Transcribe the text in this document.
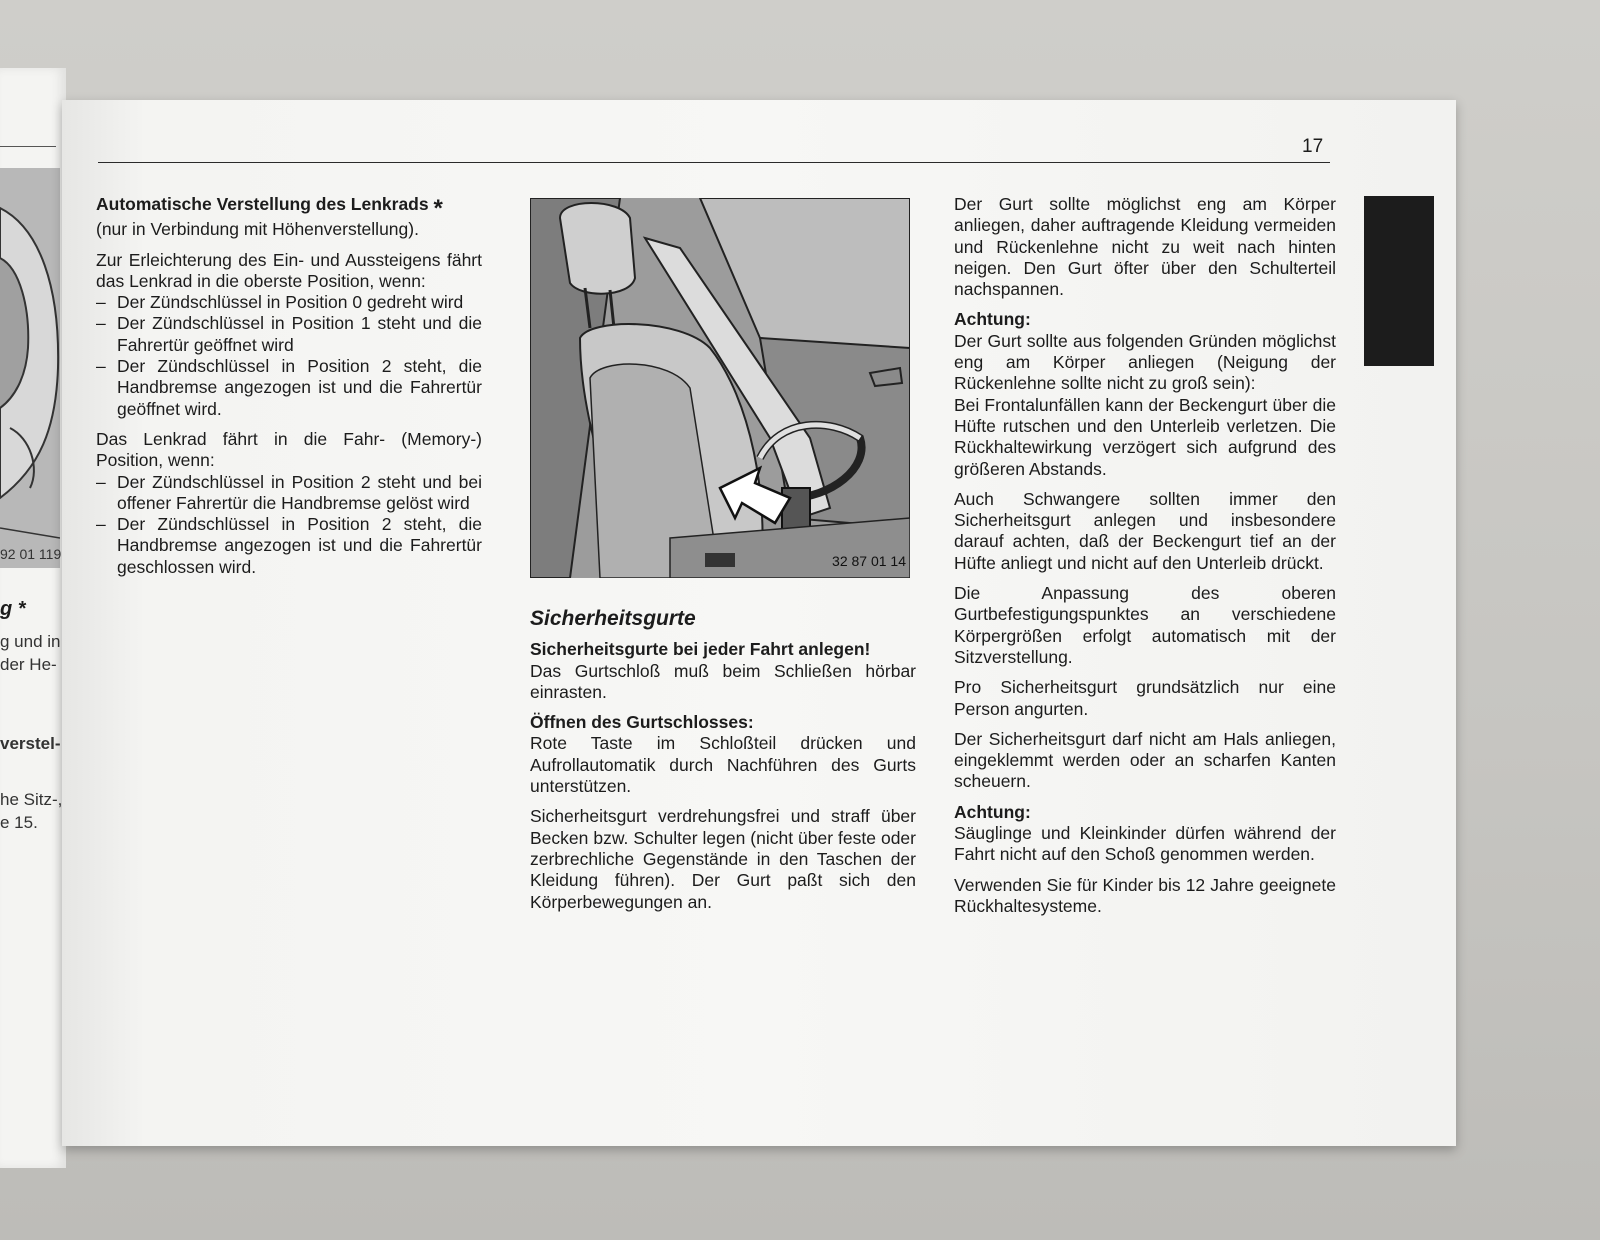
92 01 119
g *
g und in
der He-
verstel-
he Sitz-,
e 15.
17
Automatische Verstellung des Lenkrads *

(nur in Verbindung mit Höhenverstellung).

Zur Erleichterung des Ein- und Aussteigens fährt das Lenkrad in die oberste Position, wenn:

– Der Zündschlüssel in Position 0 gedreht wird
– Der Zündschlüssel in Position 1 steht und die Fahrertür geöffnet wird
– Der Zündschlüssel in Position 2 steht, die Handbremse angezogen ist und die Fahrertür geöffnet wird.

Das Lenkrad fährt in die Fahr- (Memory-) Position, wenn:

– Der Zündschlüssel in Position 2 steht und bei offener Fahrertür die Handbremse gelöst wird
– Der Zündschlüssel in Position 2 steht, die Handbremse angezogen ist und die Fahrertür geschlossen wird.	32 87 01 14
Sicherheitsgurte
Sicherheitsgurte bei jeder Fahrt anlegen!

Das Gurtschloß muß beim Schließen hörbar einrasten.

Öffnen des Gurtschlosses:

Rote Taste im Schloßteil drücken und Aufrollautomatik durch Nachführen des Gurts unterstützen.

Sicherheitsgurt verdrehungsfrei und straff über Becken bzw. Schulter legen (nicht über feste oder zerbrechliche Gegenstände in den Taschen der Kleidung führen). Der Gurt paßt sich den Körperbewegungen an.

Der Gurt sollte möglichst eng am Körper anliegen, daher auftragende Kleidung vermeiden und Rückenlehne nicht zu weit nach hinten neigen. Den Gurt öfter über den Schulterteil nachspannen.

Achtung:

Der Gurt sollte aus folgenden Gründen möglichst eng am Körper anliegen (Neigung der Rückenlehne sollte nicht zu groß sein):

Bei Frontalunfällen kann der Beckengurt über die Hüfte rutschen und den Unterleib verletzen. Die Rückhaltewirkung verzögert sich aufgrund des größeren Abstands.

Auch Schwangere sollten immer den Sicherheitsgurt anlegen und insbesondere darauf achten, daß der Beckengurt tief an der Hüfte anliegt und nicht auf den Unterleib drückt.

Die Anpassung des oberen Gurtbefestigungspunktes an verschiedene Körpergrößen erfolgt automatisch mit der Sitzverstellung.

Pro Sicherheitsgurt grundsätzlich nur eine Person angurten.

Der Sicherheitsgurt darf nicht am Hals anliegen, eingeklemmt werden oder an scharfen Kanten scheuern.

Achtung:

Säuglinge und Kleinkinder dürfen während der Fahrt nicht auf den Schoß genommen werden.

Verwenden Sie für Kinder bis 12 Jahre geeignete Rückhaltesysteme.
